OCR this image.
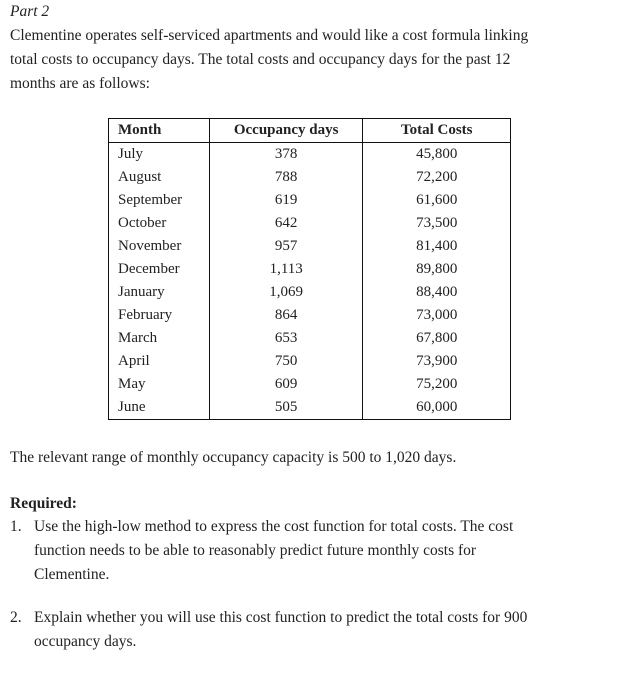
Part 2
Clementine operates self-serviced apartments and would like a cost formula linking
total costs to occupancy days. The total costs and occupancy days for the past 12
months are as follows:
Month	Occupancy days	Total Costs
July	378	45,800
August	788	72,200
September	619	61,600
October	642	73,500
November	957	81,400
December	1,113	89,800
January	1,069	88,400
February	864	73,000
March	653	67,800
April	750	73,900
May	609	75,200
June	505	60,000
The relevant range of monthly occupancy capacity is 500 to 1,020 days.
Required:
1. Use the high-low method to express the cost function for total costs. The cost
function needs to be able to reasonably predict future monthly costs for
Clementine.
2. Explain whether you will use this cost function to predict the total costs for 900
occupancy days.
